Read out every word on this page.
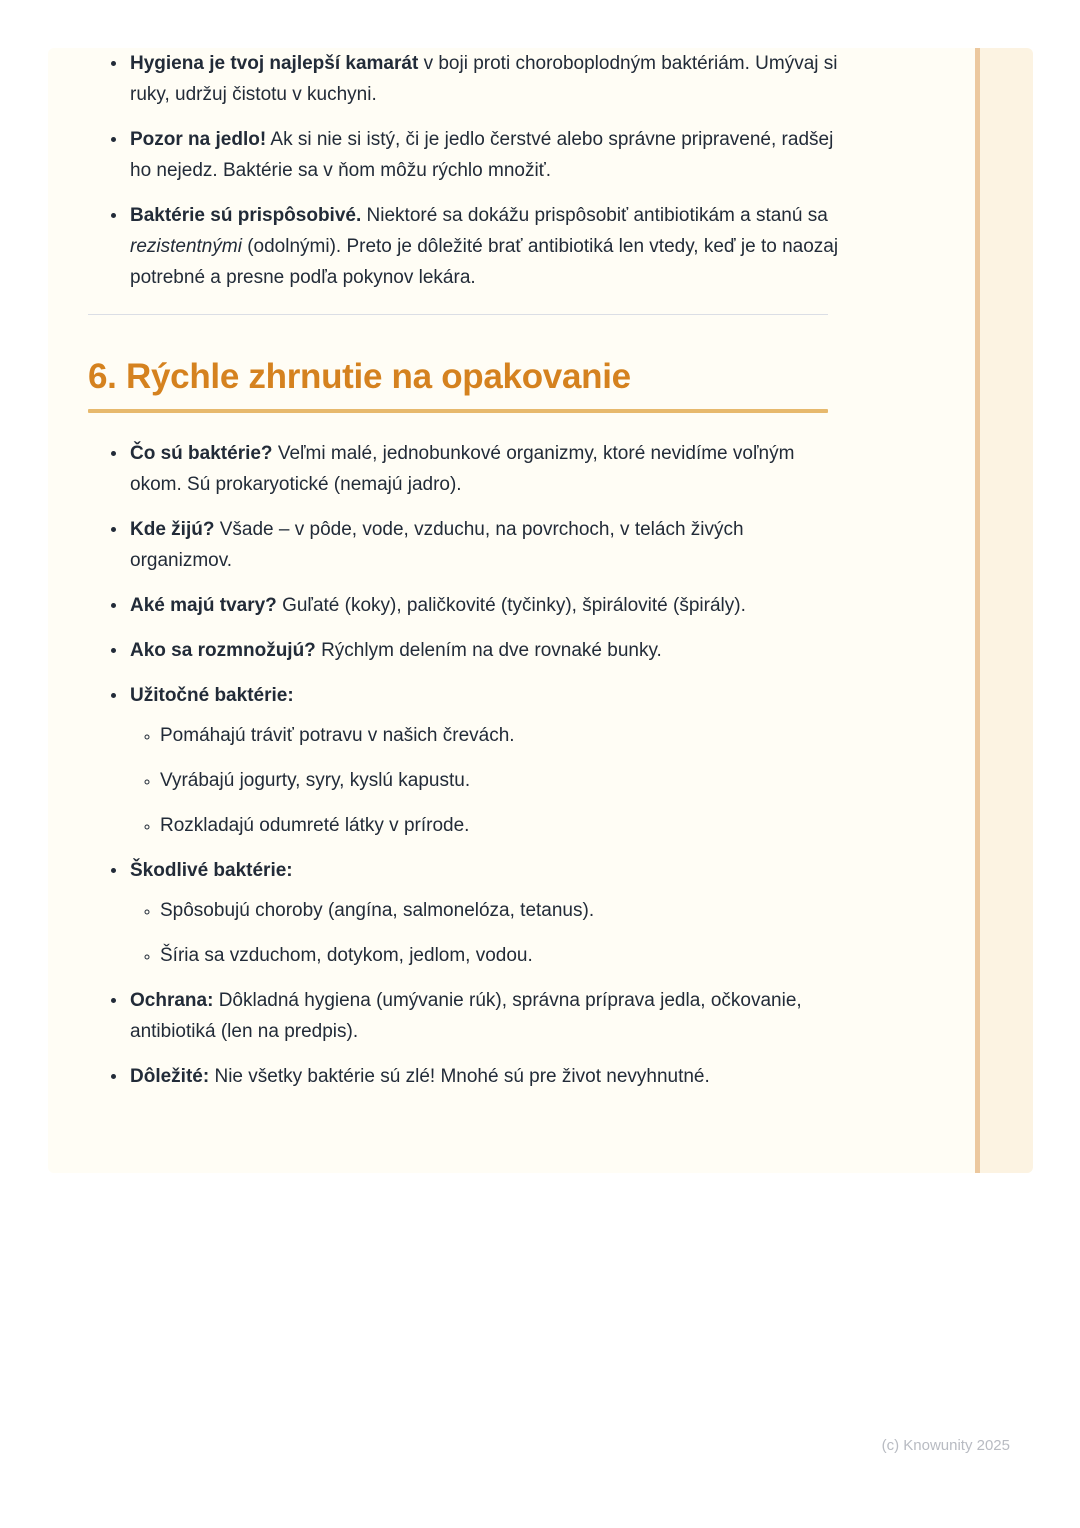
• Hygiena je tvoj najlepší kamarát v boji proti choroboplodným baktériám. Umývaj si ruky, udržuj čistotu v kuchyni.
• Pozor na jedlo! Ak si nie si istý, či je jedlo čerstvé alebo správne pripravené, radšej ho nejedz. Baktérie sa v ňom môžu rýchlo množiť.
• Baktérie sú prispôsobivé. Niektoré sa dokážu prispôsobiť antibiotikám a stanú sa rezistentnými (odolnými). Preto je dôležité brať antibiotiká len vtedy, keď je to naozaj potrebné a presne podľa pokynov lekára.
6. Rýchle zhrnutie na opakovanie
• Čo sú baktérie? Veľmi malé, jednobunkové organizmy, ktoré nevidíme voľným okom. Sú prokaryotické (nemajú jadro).
• Kde žijú? Všade – v pôde, vode, vzduchu, na povrchoch, v telách živých organizmov.
• Aké majú tvary? Guľaté (koky), paličkovité (tyčinky), špirálovité (špirály).
• Ako sa rozmnožujú? Rýchlym delením na dve rovnaké bunky.
• Užitočné baktérie:
◦ Pomáhajú tráviť potravu v našich črevách.
◦ Vyrábajú jogurty, syry, kyslú kapustu.
◦ Rozkladajú odumreté látky v prírode.
• Škodlivé baktérie:
◦ Spôsobujú choroby (angína, salmonelóza, tetanus).
◦ Šíria sa vzduchom, dotykom, jedlom, vodou.
• Ochrana: Dôkladná hygiena (umývanie rúk), správna príprava jedla, očkovanie, antibiotiká (len na predpis).
• Dôležité: Nie všetky baktérie sú zlé! Mnohé sú pre život nevyhnutné.
(c) Knowunity 2025
